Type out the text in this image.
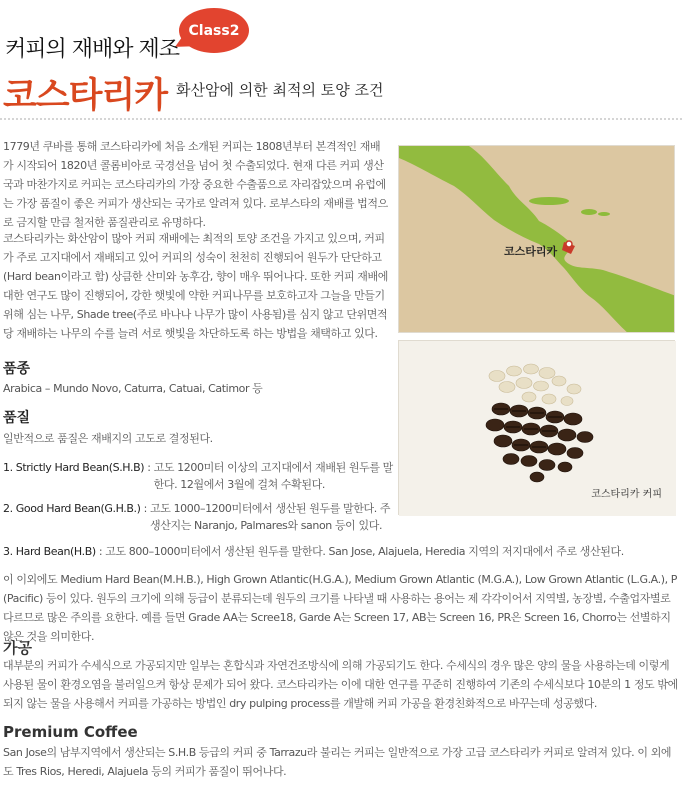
Class2
커피의 재배와 제조
코스타리카 화산암에 의한 최적의 토양 조건

1779년 쿠바를 통해 코스타리카에 처음 소개된 커피는 1808년부터 본격적인 재배가 시작되어 1820년 콜롬비아로 국경선을 넘어 첫 수출되었다. 현재 다른 커피 생산국과 마찬가지로 커피는 코스타리카의 가장 중요한 수출품으로 자리잡았으며 유럽에는 가장 품질이 좋은 커피가 생산되는 국가로 알려져 있다. 로부스타의 재배를 법적으로 금지할 만큼 철저한 품질관리로 유명하다.

코스타리카는 화산암이 많아 커피 재배에는 최적의 토양 조건을 가지고 있으며, 커피가 주로 고지대에서 재배되고 있어 커피의 성숙이 천천히 진행되어 원두가 단단하고(Hard bean이라고 함) 상큼한 산미와 농후감, 향이 매우 뛰어나다. 또한 커피 재배에 대한 연구도 많이 진행되어, 강한 햇빛에 약한 커피나무를 보호하고자 그늘을 만들기 위해 심는 나무, Shade tree(주로 바나나 나무가 많이 사용됨)를 심지 않고 단위면적 당 재배하는 나무의 수를 늘려 서로 햇빛을 차단하도록 하는 방법을 채택하고 있다.

품종
Arabica – Mundo Novo, Caturra, Catuai, Catimor 등
품질
일반적으로 품질은 재배지의 고도로 결정된다.
1. Strictly Hard Bean(S.H.B) : 고도 1200미터 이상의 고지대에서 재배된 원두를 말한다. 12월에서 3월에 걸쳐 수확된다.
2. Good Hard Bean(G.H.B.) : 고도 1000–1200미터에서 생산된 원두를 말한다. 주 생산지는 Naranjo, Palmares와 sanon 등이 있다.
3. Hard Bean(H.B) : 고도 800–1000미터에서 생산된 원두를 말한다. San Jose, Alajuela, Heredia 지역의 저지대에서 주로 생산된다.

이 이외에도 Medium Hard Bean(M.H.B.), High Grown Atlantic(H.G.A.), Medium Grown Atlantic (M.G.A.), Low Grown Atlantic (L.G.A.), P(Pacific) 등이 있다. 원두의 크기에 의해 등급이 분류되는데 원두의 크기를 나타낼 때 사용하는 용어는 제 각각이어서 지역별, 농장별, 수출업자별로 다르므로 많은 주의를 요한다. 예를 들면 Grade AA는 Scree18, Garde A는 Screen 17, AB는 Screen 16, PR은 Screen 16, Chorro는 선별하지 않은 것을 의미한다.

가공

대부분의 커피가 수세식으로 가공되지만 일부는 혼합식과 자연건조방식에 의해 가공되기도 한다. 수세식의 경우 많은 양의 물을 사용하는데 이렇게 사용된 물이 환경오염을 불러일으켜 항상 문제가 되어 왔다. 코스타리카는 이에 대한 연구를 꾸준히 진행하여 기존의 수세식보다 10분의 1 정도 밖에 되지 않는 물을 사용해서 커피를 가공하는 방법인 dry pulping process를 개발해 커피 가공을 환경친화적으로 바꾸는데 성공했다.

Premium Coffee

San Jose의 남부지역에서 생산되는 S.H.B 등급의 커피 중 Tarrazu라 불리는 커피는 일반적으로 가장 고급 코스타리카 커피로 알려져 있다. 이 외에도 Tres Rios, Heredi, Alajuela 등의 커피가 품질이 뛰어나다.

코스타리카
코스타리카 커피
